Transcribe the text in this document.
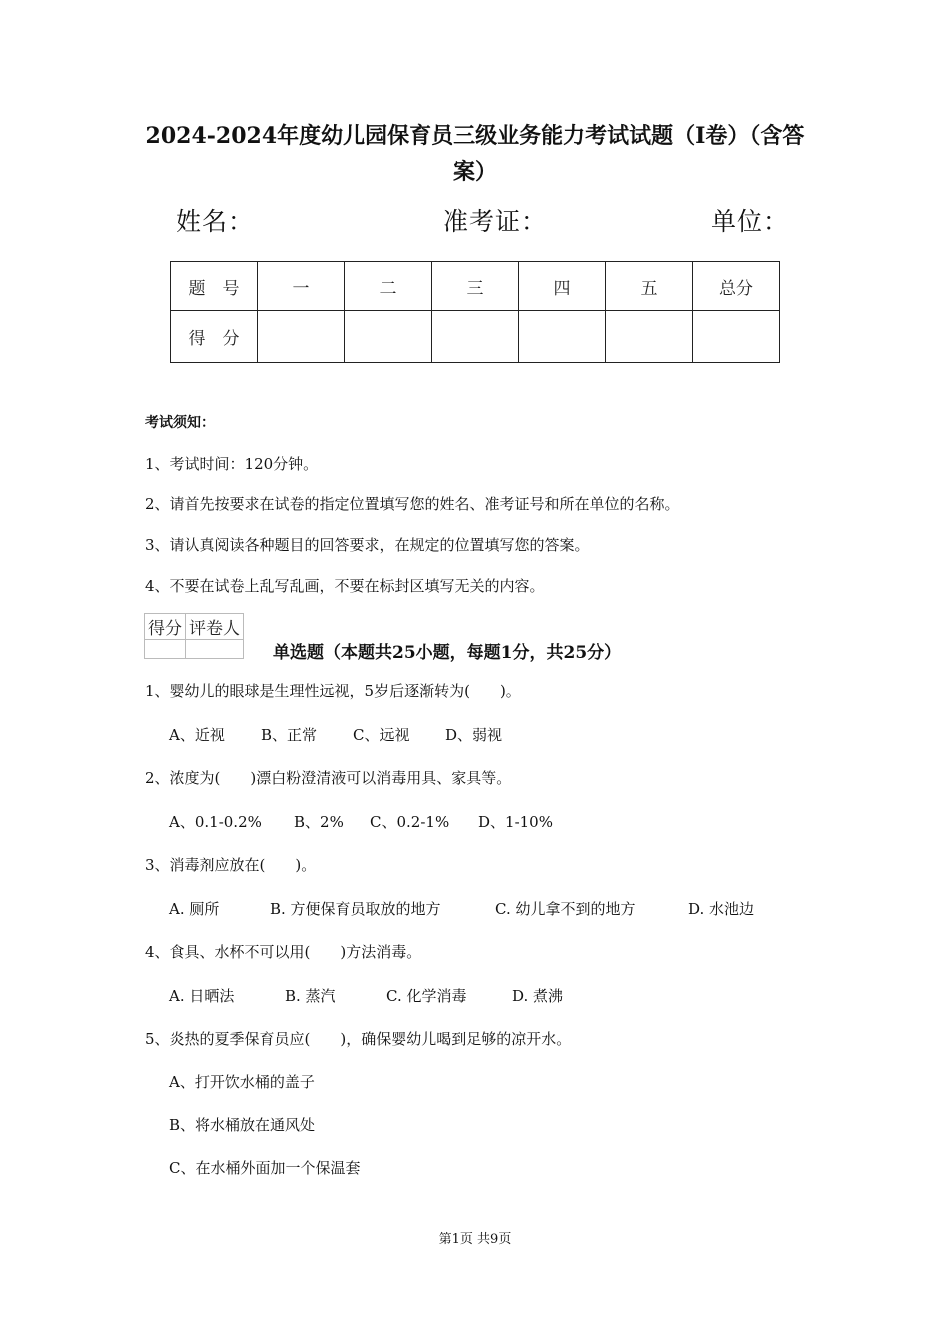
2024-2024年度幼儿园保育员三级业务能力考试试题（I卷）（含答
案）
姓名：	准考证：	单位：
题　号	一	二	三	四	五	总分
得　分						
考试须知：
1、考试时间：120分钟。
2、请首先按要求在试卷的指定位置填写您的姓名、准考证号和所在单位的名称。
3、请认真阅读各种题目的回答要求，在规定的位置填写您的答案。
4、不要在试卷上乱写乱画，不要在标封区填写无关的内容。
得分	评卷人

单选题（本题共25小题，每题1分，共25分）
1、婴幼儿的眼球是生理性远视，5岁后逐渐转为(　　)。
A、近视 B、正常 C、远视 D、弱视
2、浓度为(　　)漂白粉澄清液可以消毒用具、家具等。
A、0.1-0.2% B、2% C、0.2-1% D、1-10%
3、消毒剂应放在(　　)。
A. 厕所	B. 方便保育员取放的地方	C. 幼儿拿不到的地方	D. 水池边
4、食具、水杯不可以用(　　)方法消毒。
A. 日晒法	B. 蒸汽	C. 化学消毒	D. 煮沸
5、炎热的夏季保育员应(　　)，确保婴幼儿喝到足够的凉开水。
A、打开饮水桶的盖子
B、将水桶放在通风处
C、在水桶外面加一个保温套
第1页 共9页
